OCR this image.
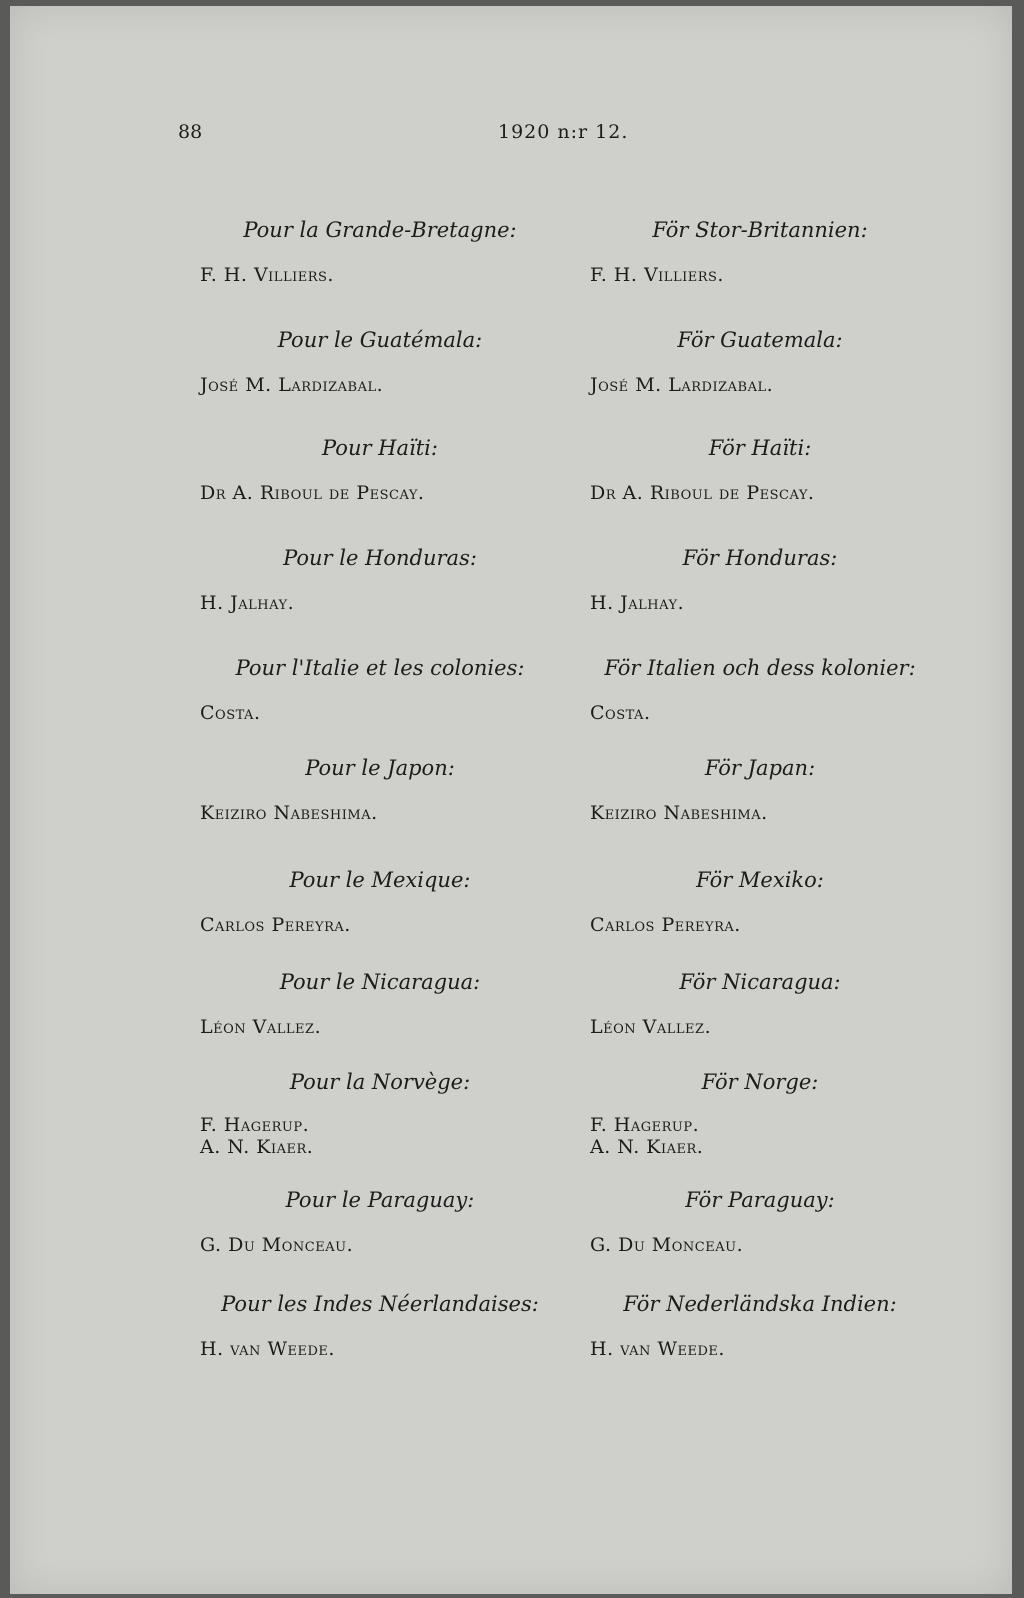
88	1920 n:r 12.
Pour la Grande-Bretagne:
F. H. Villiers.
Pour le Guatémala:
José M. Lardizabal.
Pour Haïti:
Dr A. Riboul de Pescay.
Pour le Honduras:
H. Jalhay.
Pour l'Italie et les colonies:
Costa.
Pour le Japon:
Keiziro Nabeshima.
Pour le Mexique:
Carlos Pereyra.
Pour le Nicaragua:
Léon Vallez.
Pour la Norvège:
F. Hagerup.
A. N. Kiaer.
Pour le Paraguay:
G. Du Monceau.
Pour les Indes Néerlandaises:
H. van Weede.
För Stor-Britannien:
F. H. Villiers.
För Guatemala:
José M. Lardizabal.
För Haïti:
Dr A. Riboul de Pescay.
För Honduras:
H. Jalhay.
För Italien och dess kolonier:
Costa.
För Japan:
Keiziro Nabeshima.
För Mexiko:
Carlos Pereyra.
För Nicaragua:
Léon Vallez.
För Norge:
F. Hagerup.
A. N. Kiaer.
För Paraguay:
G. Du Monceau.
För Nederländska Indien:
H. van Weede.
